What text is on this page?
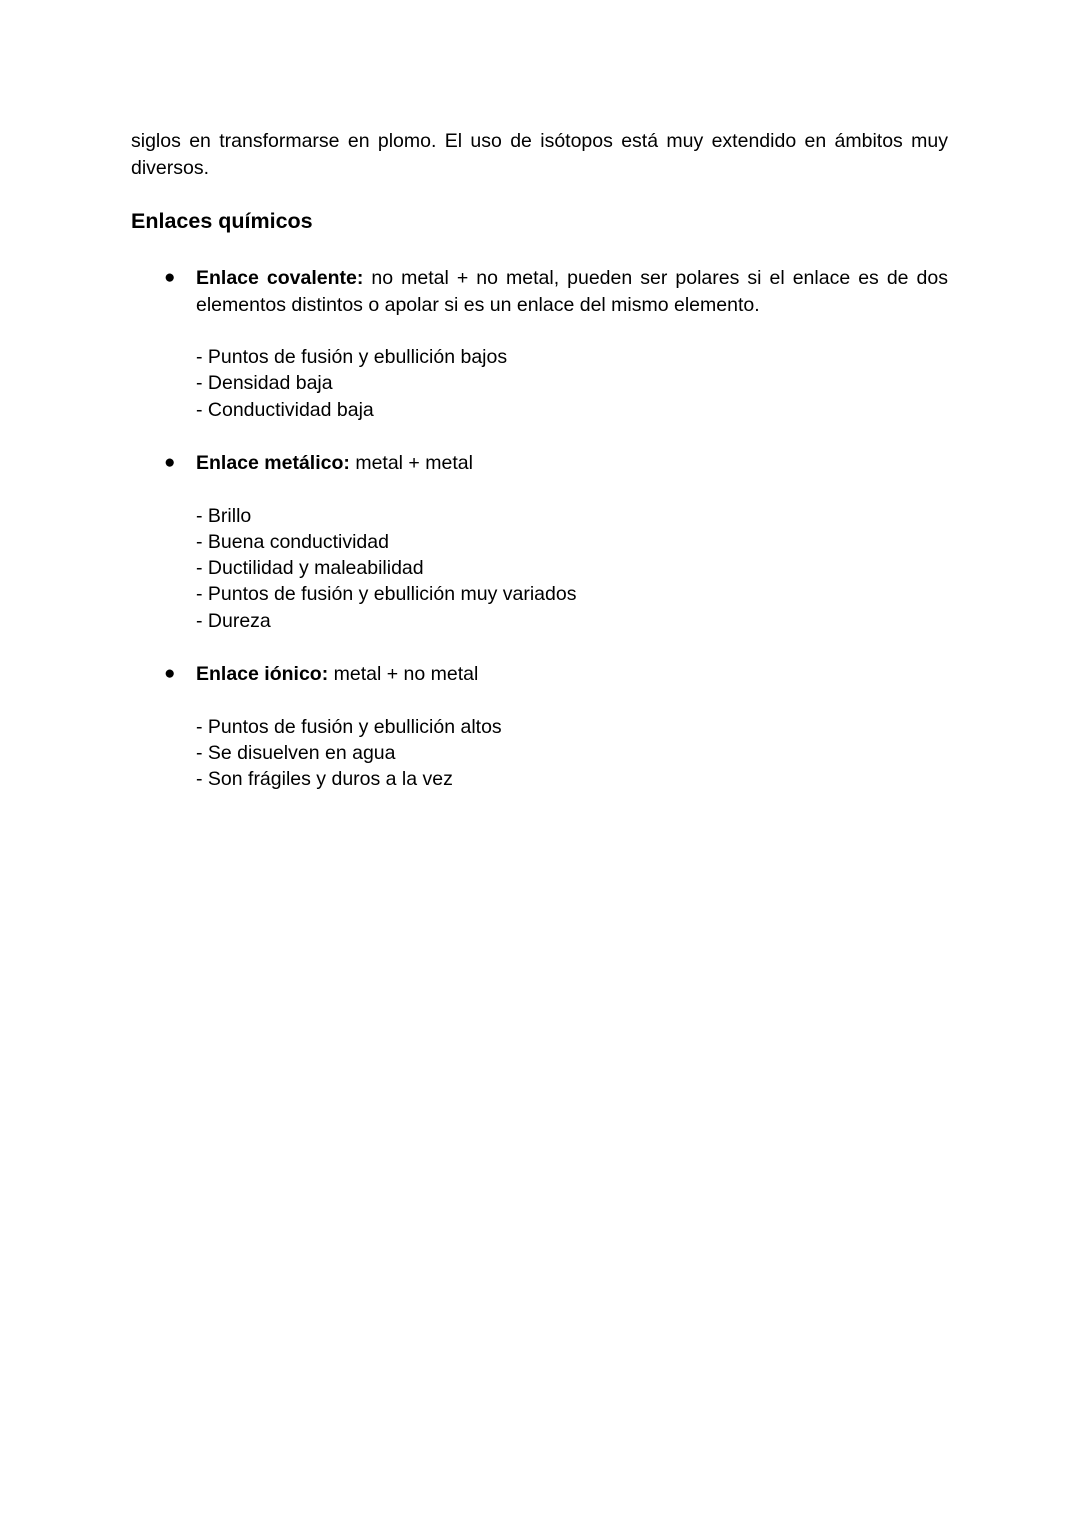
siglos en transformarse en plomo. El uso de isótopos está muy extendido en ámbitos muy diversos.

Enlaces químicos
● Enlace covalente: no metal + no metal, pueden ser polares si el enlace es de dos elementos distintos o apolar si es un enlace del mismo elemento.
- Puntos de fusión y ebullición bajos
- Densidad baja
- Conductividad baja
● Enlace metálico: metal + metal
- Brillo
- Buena conductividad
- Ductilidad y maleabilidad
- Puntos de fusión y ebullición muy variados
- Dureza
● Enlace iónico: metal + no metal
- Puntos de fusión y ebullición altos
- Se disuelven en agua
- Son frágiles y duros a la vez
